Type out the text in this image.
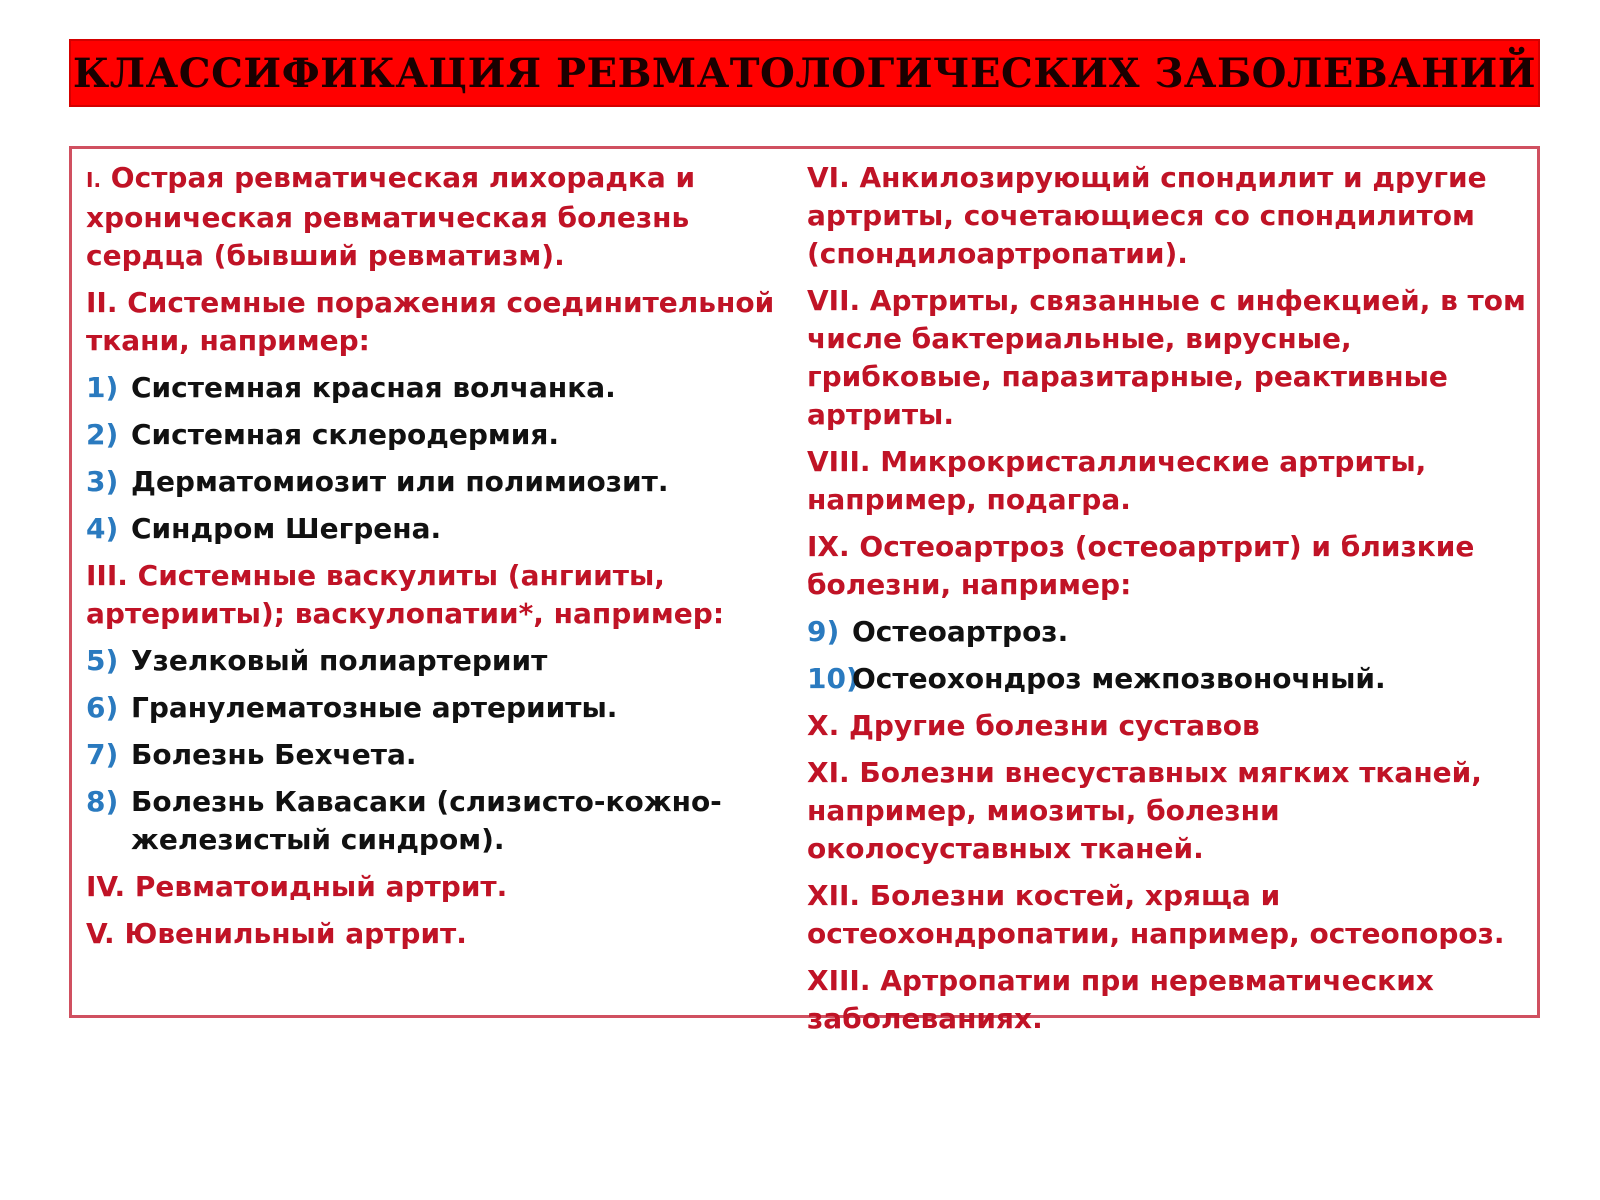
КЛАССИФИКАЦИЯ РЕВМАТОЛОГИЧЕСКИХ ЗАБОЛЕВАНИЙ
I. Острая ревматическая лихорадка и хроническая ревматическая болезнь сердца (бывший ревматизм).
II. Системные поражения соединительной ткани, например:
1) Системная красная волчанка.
2) Системная склеродермия.
3) Дерматомиозит или полимиозит.
4) Синдром Шегрена.
III. Системные васкулиты (ангииты, артерииты); васкулопатии*, например:
5) Узелковый полиартериит
6) Гранулематозные артерииты.
7) Болезнь Бехчета.
8) Болезнь Кавасаки (слизисто-кожно-железистый синдром).
IV. Ревматоидный артрит.
V. Ювенильный артрит.
VI. Анкилозирующий спондилит и другие артриты, сочетающиеся со спондилитом (спондилоартропатии).
VII. Артриты, связанные с инфекцией, в том числе бактериальные, вирусные, грибковые, паразитарные, реактивные артриты.
VIII. Микрокристаллические артриты, например, подагра.
IX. Остеоартроз (остеоартрит) и близкие болезни, например:
9) Остеоартроз.
10)
Остеохондроз межпозвоночный.
X. Другие болезни суставов
XI. Болезни внесуставных мягких тканей, например, миозиты, болезни околосуставных тканей.
XII. Болезни костей, хряща и остеохондропатии, например, остеопороз.
XIII. Артропатии при неревматических заболеваниях.
